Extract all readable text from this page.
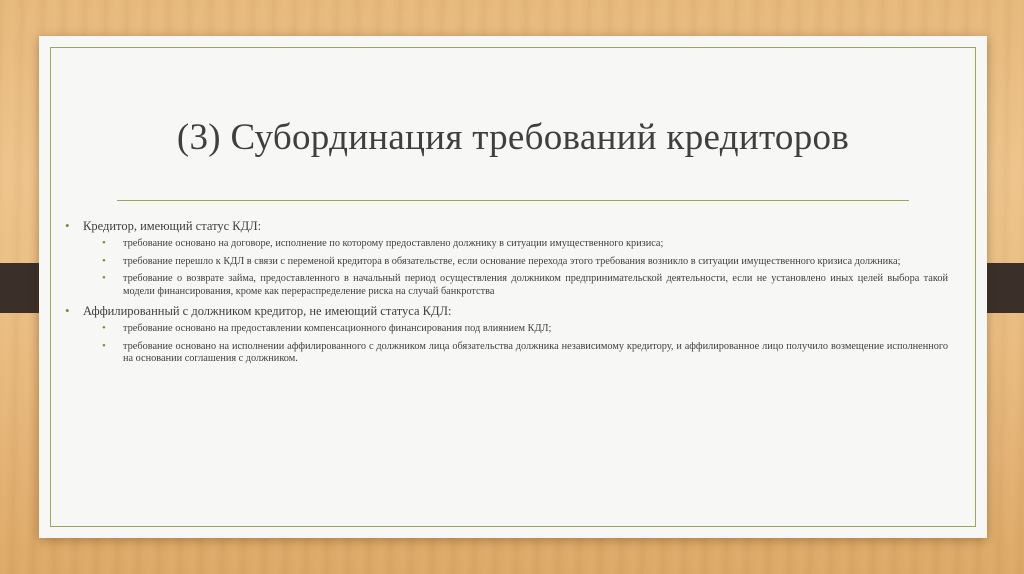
(3) Субординация требований кредиторов
• Кредитор, имеющий статус КДЛ:
• требование основано на договоре, исполнение по которому предоставлено должнику в ситуации имущественного кризиса;
• требование перешло к КДЛ в связи с переменой кредитора в обязательстве, если основание перехода этого требования возникло в ситуации имущественного кризиса должника;
• требование о возврате займа, предоставленного в начальный период осуществления должником предпринимательской деятельности, если не установлено иных целей выбора такой модели финансирования, кроме как перераспределение риска на случай банкротства
• Аффилированный с должником кредитор, не имеющий статуса КДЛ:
• требование основано на предоставлении компенсационного финансирования под влиянием КДЛ;
• требование основано на исполнении аффилированного с должником лица обязательства должника независимому кредитору, и аффилированное лицо получило возмещение исполненного на основании соглашения с должником.
